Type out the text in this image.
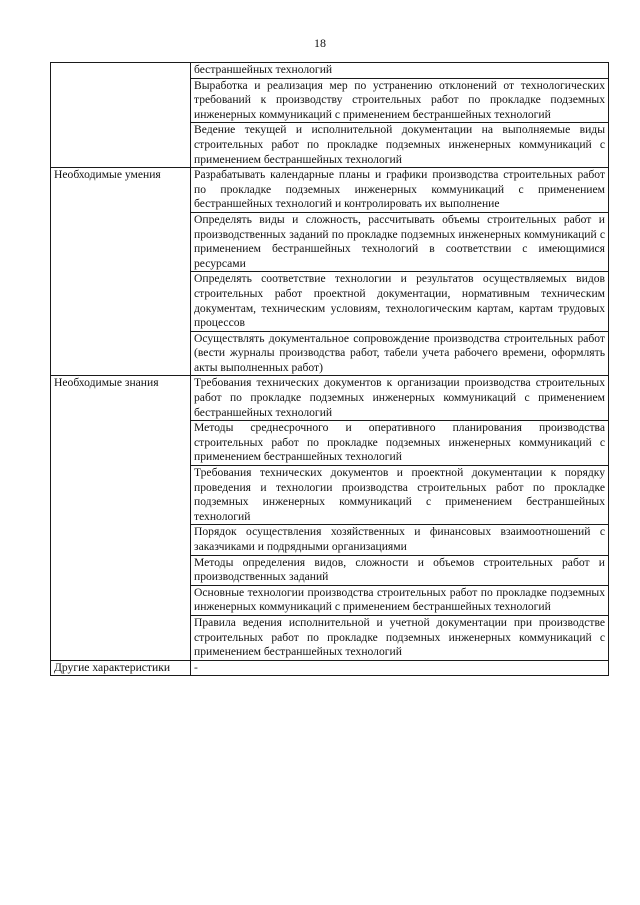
18
	бестраншейных технологий
	Выработка и реализация мер по устранению отклонений от технологических требований к производству строительных работ по прокладке подземных инженерных коммуникаций с применением бестраншейных технологий
	Ведение текущей и исполнительной документации на выполняемые виды строительных работ по прокладке подземных инженерных коммуникаций с применением бестраншейных технологий
Необходимые умения	Разрабатывать календарные планы и графики производства строительных работ по прокладке подземных инженерных коммуникаций с применением бестраншейных технологий и контролировать их выполнение
	Определять виды и сложность, рассчитывать объемы строительных работ и производственных заданий по прокладке подземных инженерных коммуникаций с применением бестраншейных технологий в соответствии с имеющимися ресурсами
	Определять соответствие технологии и результатов осуществляемых видов строительных работ проектной документации, нормативным техническим документам, техническим условиям, технологическим картам, картам трудовых процессов
	Осуществлять документальное сопровождение производства строительных работ (вести журналы производства работ, табели учета рабочего времени, оформлять акты выполненных работ)
Необходимые знания	Требования технических документов к организации производства строительных работ по прокладке подземных инженерных коммуникаций с применением бестраншейных технологий
	Методы среднесрочного и оперативного планирования производства строительных работ по прокладке подземных инженерных коммуникаций с применением бестраншейных технологий
	Требования технических документов и проектной документации к порядку проведения и технологии производства строительных работ по прокладке подземных инженерных коммуникаций с применением бестраншейных технологий
	Порядок осуществления хозяйственных и финансовых взаимоотношений с заказчиками и подрядными организациями
	Методы определения видов, сложности и объемов строительных работ и производственных заданий
	Основные технологии производства строительных работ по прокладке подземных инженерных коммуникаций с применением бестраншейных технологий
	Правила ведения исполнительной и учетной документации при производстве строительных работ по прокладке подземных инженерных коммуникаций с применением бестраншейных технологий
Другие характеристики	-
